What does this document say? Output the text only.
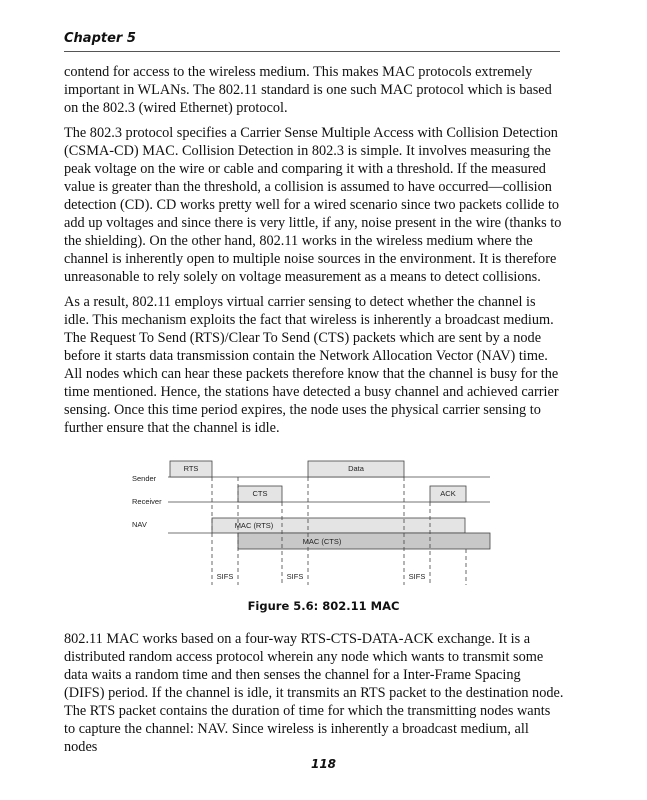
Chapter 5

contend for access to the wireless medium. This makes MAC protocols extremely important in WLANs. The 802.11 standard is one such MAC protocol which is based on the 802.3 (wired Ethernet) protocol.

The 802.3 protocol specifies a Carrier Sense Multiple Access with Collision Detection (CSMA-CD) MAC. Collision Detection in 802.3 is simple. It involves measuring the peak voltage on the wire or cable and comparing it with a threshold. If the measured value is greater than the threshold, a collision is assumed to have occurred—collision detection (CD). CD works pretty well for a wired scenario since two packets collide to add up voltages and since there is very little, if any, noise present in the wire (thanks to the shielding). On the other hand, 802.11 works in the wireless medium where the channel is inherently open to multiple noise sources in the environment. It is therefore unreasonable to rely solely on voltage measurement as a means to detect collisions.

As a result, 802.11 employs virtual carrier sensing to detect whether the channel is idle. This mechanism exploits the fact that wireless is inherently a broadcast medium. The Request To Send (RTS)/Clear To Send (CTS) packets which are sent by a node before it starts data transmission contain the Network Allocation Vector (NAV) time. All nodes which can hear these packets therefore know that the channel is busy for the time mentioned. Hence, the stations have detected a busy channel and achieved carrier sensing. Once this time period expires, the node uses the physical carrier sensing to further ensure that the channel is idle.

Sender
Receiver
NAV
RTS	Data
CTS	ACK
MAC (RTS)
MAC (CTS)
SIFS	SIFS	SIFS
Figure 5.6: 802.11 MAC

802.11 MAC works based on a four-way RTS-CTS-DATA-ACK exchange. It is a distributed random access protocol wherein any node which wants to transmit some data waits a random time and then senses the channel for a Inter-Frame Spacing (DIFS) period. If the channel is idle, it transmits an RTS packet to the destination node. The RTS packet contains the duration of time for which the transmitting nodes wants to capture the channel: NAV. Since wireless is inherently a broadcast medium, all nodes

118
